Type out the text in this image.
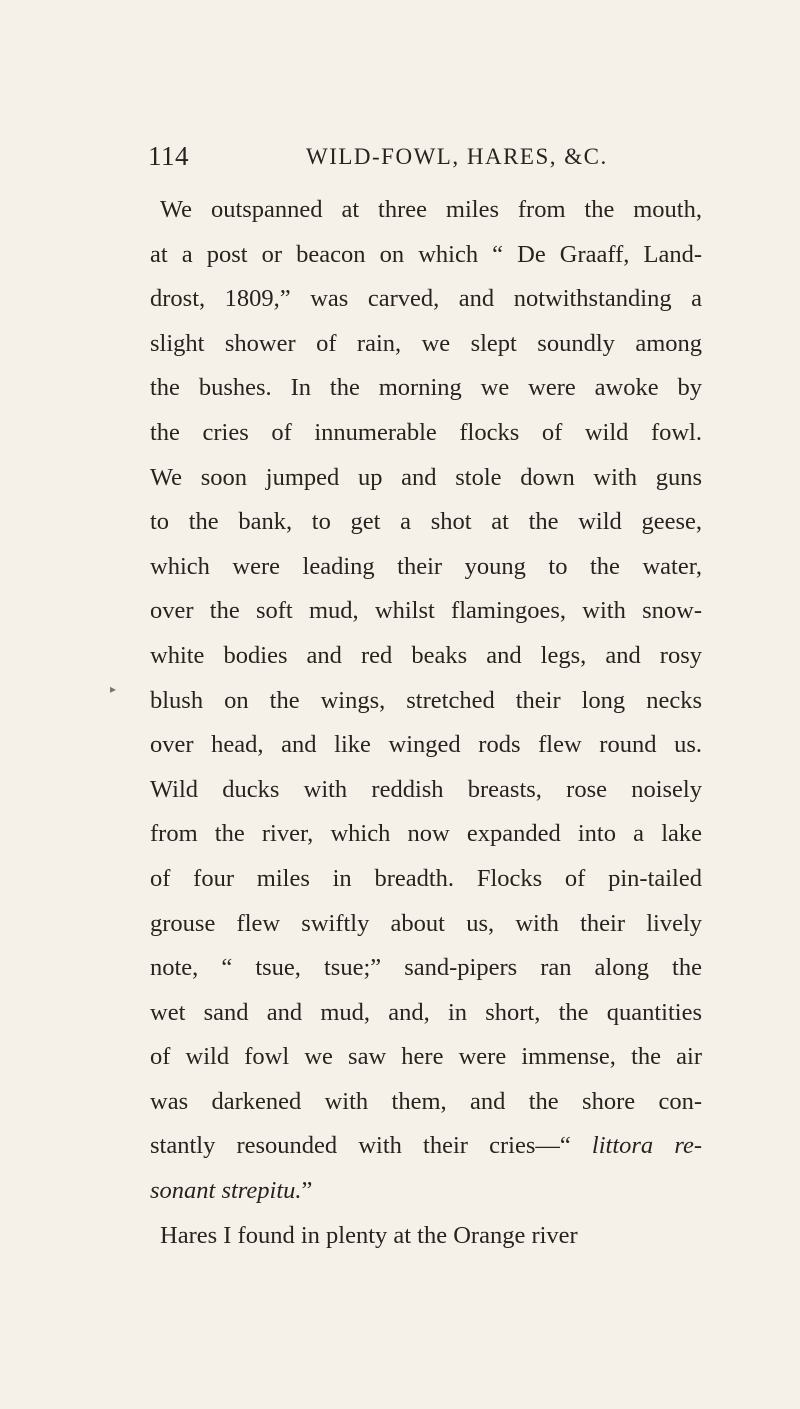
114	WILD-FOWL, HARES, &C.
▸
We outspanned at three miles from the mouth,
at a post or beacon on which “ De Graaff, Land-
drost, 1809,” was carved, and notwithstanding a
slight shower of rain, we slept soundly among
the bushes. In the morning we were awoke by
the cries of innumerable flocks of wild fowl.
We soon jumped up and stole down with guns
to the bank, to get a shot at the wild geese,
which were leading their young to the water,
over the soft mud, whilst flamingoes, with snow-
white bodies and red beaks and legs, and rosy
blush on the wings, stretched their long necks
over head, and like winged rods flew round us.
Wild ducks with reddish breasts, rose noisely
from the river, which now expanded into a lake
of four miles in breadth. Flocks of pin-tailed
grouse flew swiftly about us, with their lively
note, “ tsue, tsue;” sand-pipers ran along the
wet sand and mud, and, in short, the quantities
of wild fowl we saw here were immense, the air
was darkened with them, and the shore con-
stantly resounded with their cries—“ littora re-
sonant strepitu.”
Hares I found in plenty at the Orange river
